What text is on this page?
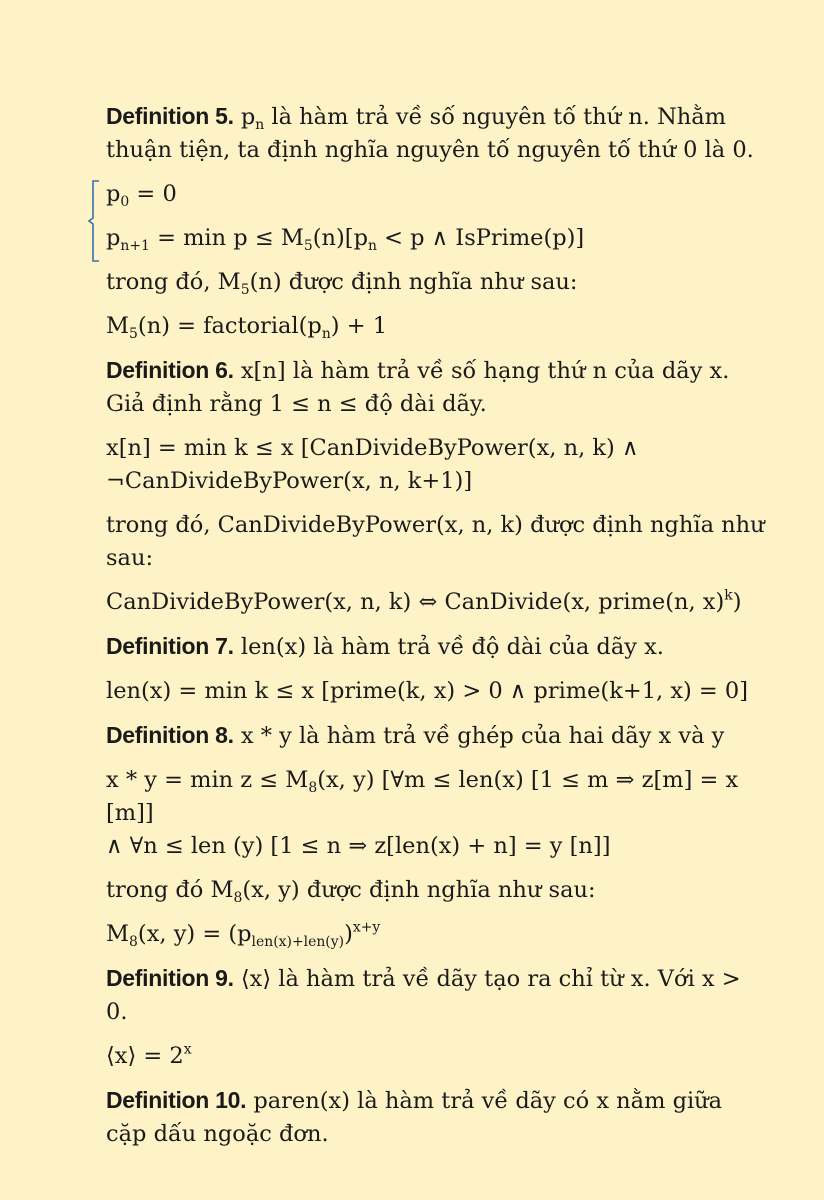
Definition 5. $p_n$ là hàm trả về số nguyên tố thứ n. Nhằm thuận tiện, ta định nghĩa nguyên tố nguyên tố thứ 0 là 0.

$p_0 = 0$
$p_{n+1} = \min p \le M_5(n)[p_n < p$ ∧ IsPrime(p)]

trong đó, $M_5(n)$ được định nghĩa như sau:

$M_5(n)$ = $factorial(p_n) + 1$

Definition 6. x[n] là hàm trả về số hạng thứ n của dãy x. Giả định rằng 1 ≤ n ≤ độ dài dãy.

x[n] = min k ≤ x [CanDivideByPower(x, n, k) ∧
¬CanDivideByPower(x, n, k+1)]

trong đó, CanDivideByPower(x, n, k) được định nghĩa như sau:

CanDivideByPower(x, n, k) ⇔ CanDivide(x, prime(n, x)$^k$)

Definition 7. len(x) là hàm trả về độ dài của dãy x.

len(x) = min k ≤ x [prime(k, x) > 0 ∧ prime(k+1, x) = 0]

Definition 8. x * y là hàm trả về ghép của hai dãy x và y

$x * y = \min z \le M_8(x$, y) [∀m ≤ len(x) [1 ≤ m ⇒ z[m] = x [m]]
∧ ∀n ≤ len (y) [1 ≤ n ⇒ z[len(x) + n] = y [n]]

trong đó $M_8(x$, y) được định nghĩa như sau:

$M_8(x$, $y) = (p_{len(x)+len(y)})^{x+y}$

Definition 9. ⟨x⟩ là hàm trả về dãy tạo ra chỉ từ x. Với x > 0.

⟨x⟩ = $2^x$

Definition 10. paren(x) là hàm trả về dãy có x nằm giữa cặp dấu ngoặc đơn.
